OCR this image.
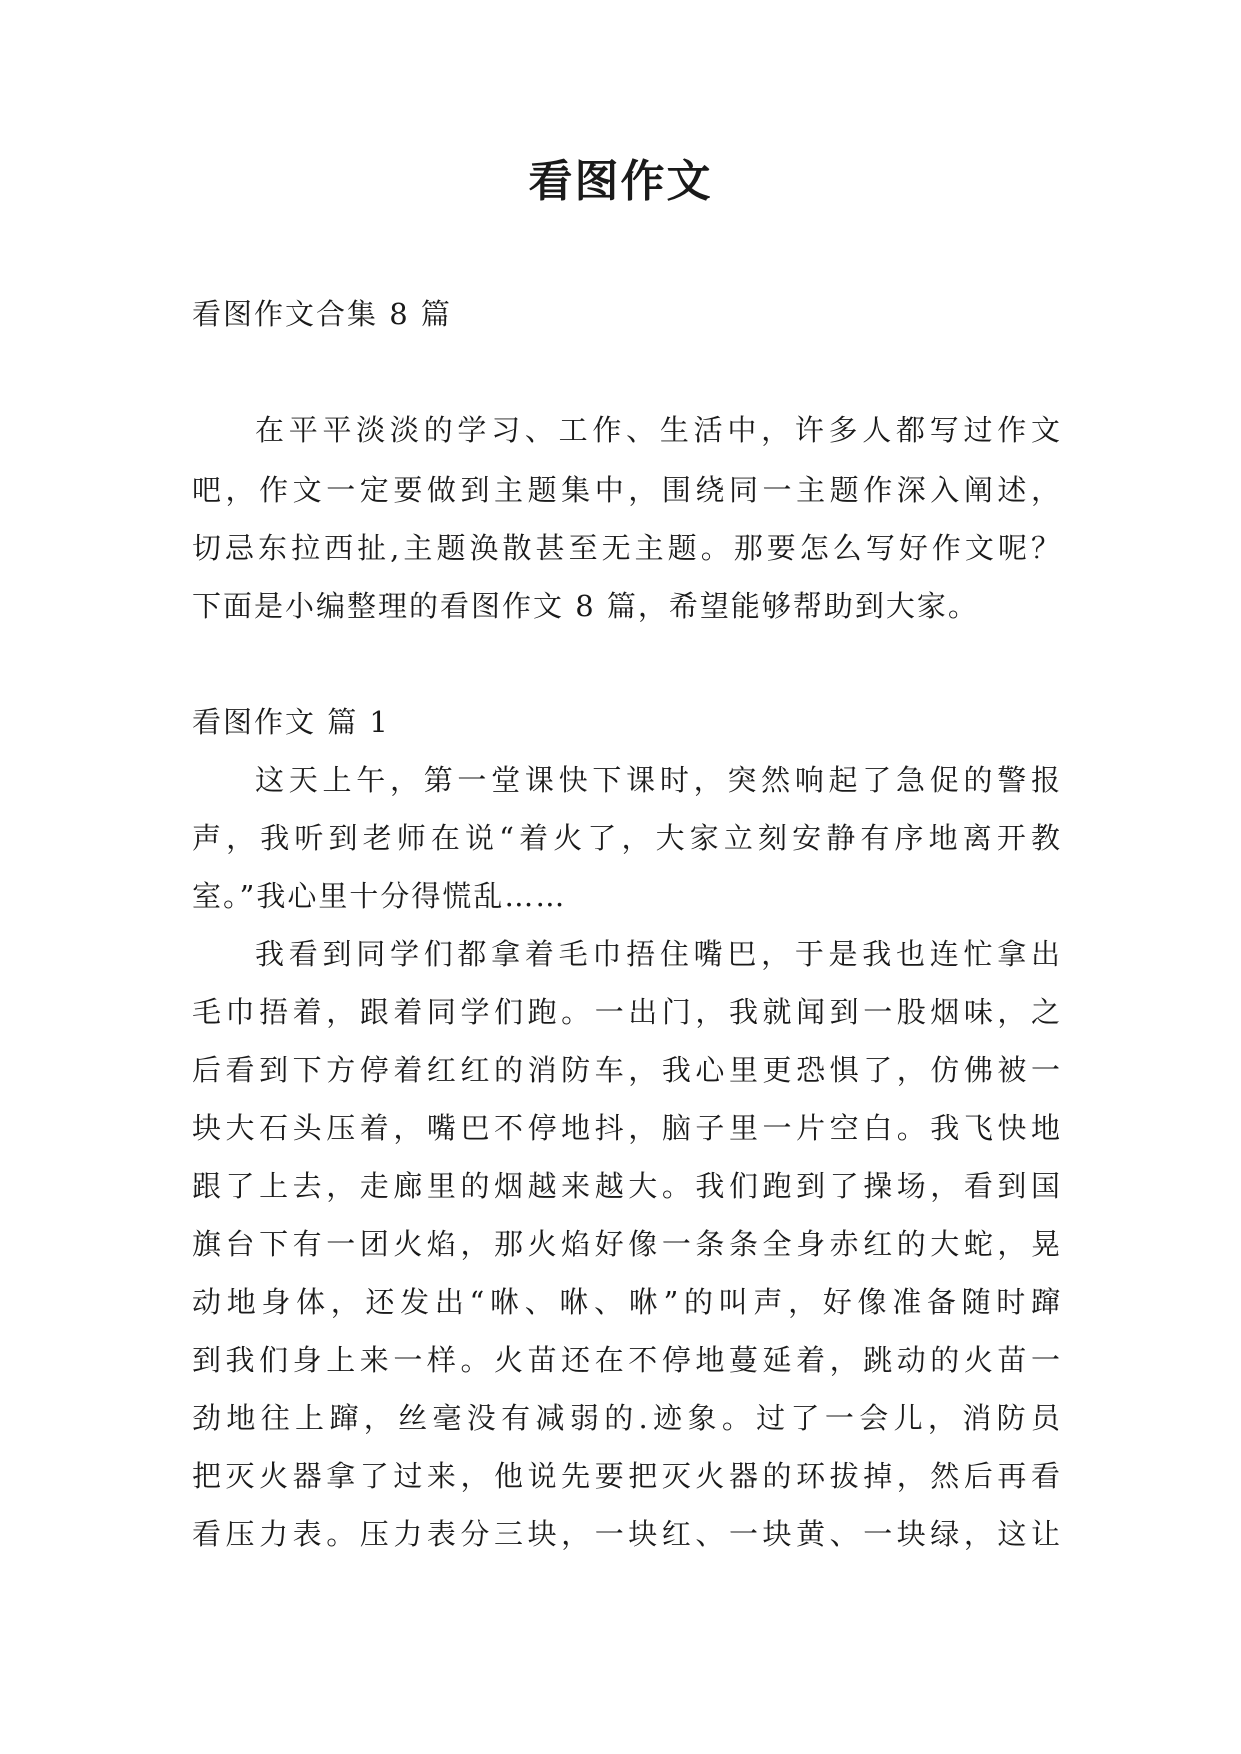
看图作文
看图作文合集 8 篇
在平平淡淡的学习、工作、生活中，许多人都写过作文
吧，作文一定要做到主题集中，围绕同一主题作深入阐述，
切忌东拉西扯,主题涣散甚至无主题。那要怎么写好作文呢？
下面是小编整理的看图作文 8 篇，希望能够帮助到大家。
看图作文 篇 1
这天上午，第一堂课快下课时，突然响起了急促的警报
声，我听到老师在说“着火了，大家立刻安静有序地离开教
室。”我心里十分得慌乱……
我看到同学们都拿着毛巾捂住嘴巴，于是我也连忙拿出
毛巾捂着，跟着同学们跑。一出门，我就闻到一股烟味，之
后看到下方停着红红的消防车，我心里更恐惧了，仿佛被一
块大石头压着，嘴巴不停地抖，脑子里一片空白。我飞快地
跟了上去，走廊里的烟越来越大。我们跑到了操场，看到国
旗台下有一团火焰，那火焰好像一条条全身赤红的大蛇，晃
动地身体，还发出“咻、咻、咻”的叫声，好像准备随时蹿
到我们身上来一样。火苗还在不停地蔓延着，跳动的火苗一
劲地往上蹿，丝毫没有减弱的.迹象。过了一会儿，消防员
把灭火器拿了过来，他说先要把灭火器的环拔掉，然后再看
看压力表。压力表分三块，一块红、一块黄、一块绿，这让
